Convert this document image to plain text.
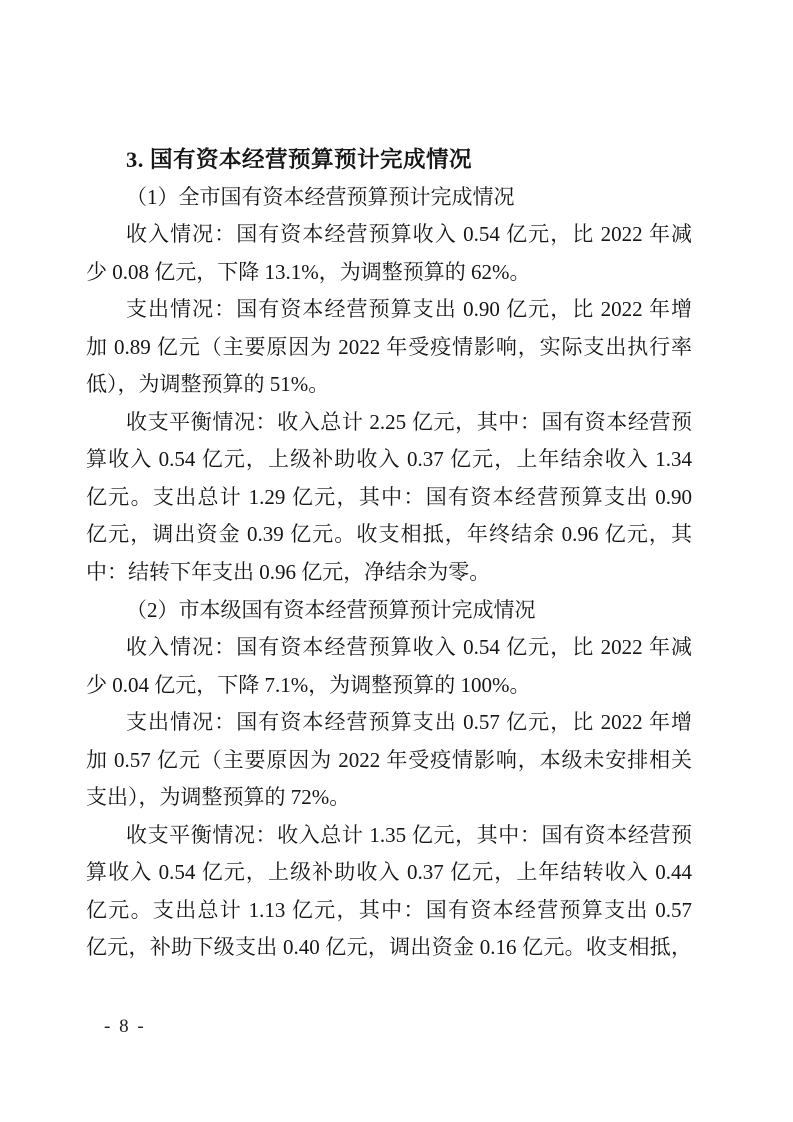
3. 国有资本经营预算预计完成情况
（1）全市国有资本经营预算预计完成情况
收入情况：国有资本经营预算收入 0.54 亿元，比 2022 年减
少 0.08 亿元，下降 13.1%，为调整预算的 62%。
支出情况：国有资本经营预算支出 0.90 亿元，比 2022 年增
加 0.89 亿元（主要原因为 2022 年受疫情影响，实际支出执行率
低），为调整预算的 51%。
收支平衡情况：收入总计 2.25 亿元，其中：国有资本经营预
算收入 0.54 亿元，上级补助收入 0.37 亿元，上年结余收入 1.34
亿元。支出总计 1.29 亿元，其中：国有资本经营预算支出 0.90
亿元，调出资金 0.39 亿元。收支相抵，年终结余 0.96 亿元，其
中：结转下年支出 0.96 亿元，净结余为零。
（2）市本级国有资本经营预算预计完成情况
收入情况：国有资本经营预算收入 0.54 亿元，比 2022 年减
少 0.04 亿元，下降 7.1%，为调整预算的 100%。
支出情况：国有资本经营预算支出 0.57 亿元，比 2022 年增
加 0.57 亿元（主要原因为 2022 年受疫情影响，本级未安排相关
支出），为调整预算的 72%。
收支平衡情况：收入总计 1.35 亿元，其中：国有资本经营预
算收入 0.54 亿元，上级补助收入 0.37 亿元，上年结转收入 0.44
亿元。支出总计 1.13 亿元，其中：国有资本经营预算支出 0.57
亿元，补助下级支出 0.40 亿元，调出资金 0.16 亿元。收支相抵，
- 8 -
